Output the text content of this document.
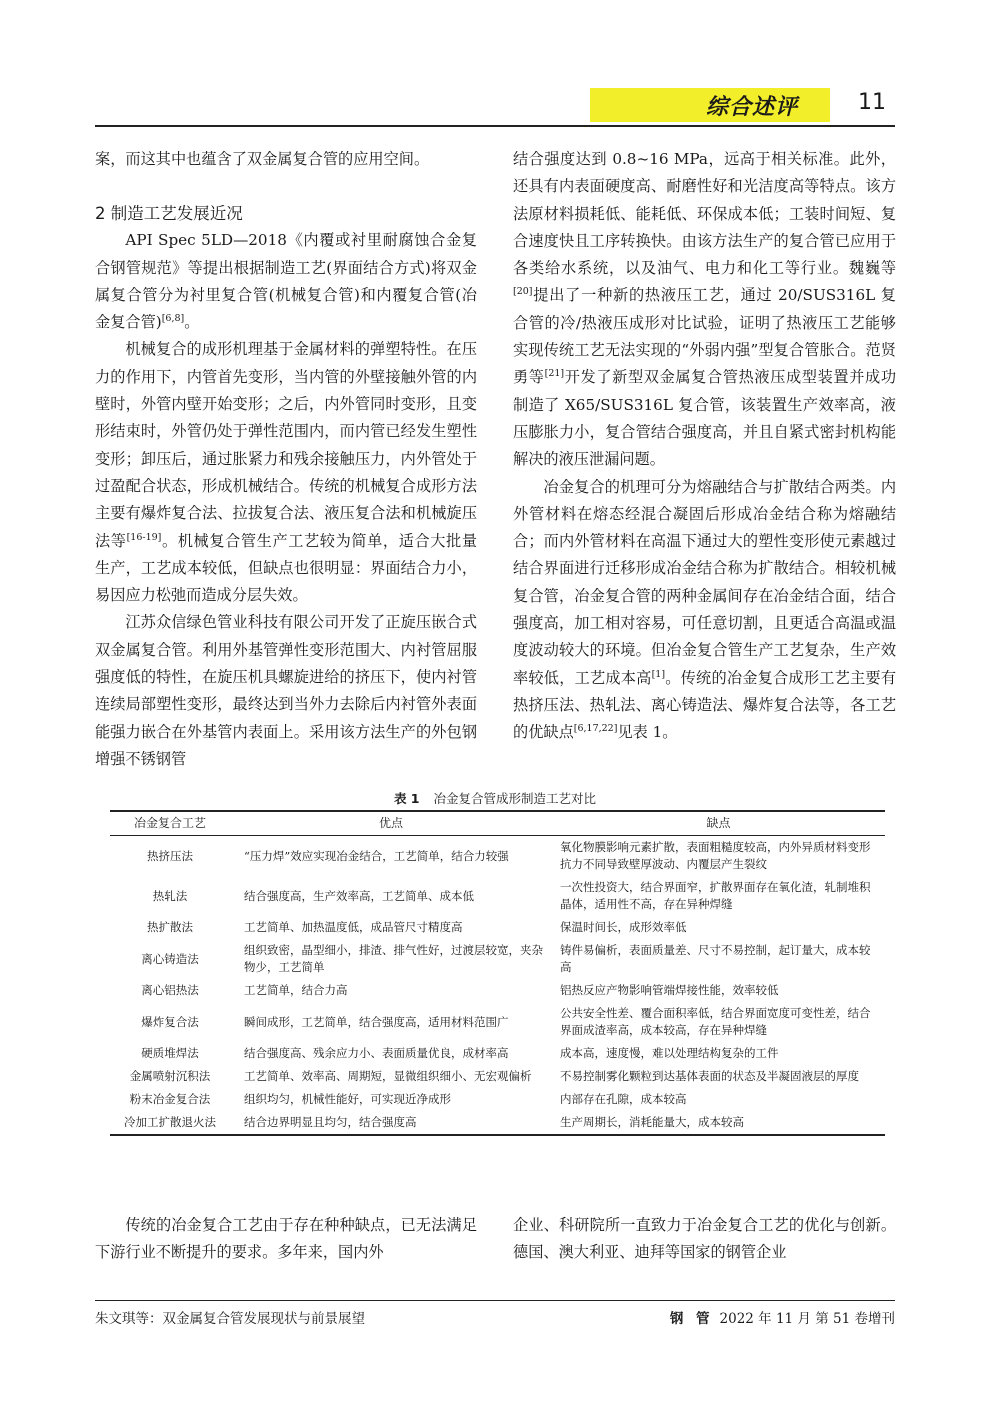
综合述评	11

案，而这其中也蕴含了双金属复合管的应用空间。

2 制造工艺发展近况

API Spec 5LD—2018《内覆或衬里耐腐蚀合金复合钢管规范》等提出根据制造工艺(界面结合方式)将双金属复合管分为衬里复合管(机械复合管)和内覆复合管(冶金复合管)[6,8]。

机械复合的成形机理基于金属材料的弹塑特性。在压力的作用下，内管首先变形，当内管的外壁接触外管的内壁时，外管内壁开始变形；之后，内外管同时变形，且变形结束时，外管仍处于弹性范围内，而内管已经发生塑性变形；卸压后，通过胀紧力和残余接触压力，内外管处于过盈配合状态，形成机械结合。传统的机械复合成形方法主要有爆炸复合法、拉拔复合法、液压复合法和机械旋压法等[16-19]。机械复合管生产工艺较为简单，适合大批量生产，工艺成本较低，但缺点也很明显：界面结合力小，易因应力松弛而造成分层失效。

江苏众信绿色管业科技有限公司开发了正旋压嵌合式双金属复合管。利用外基管弹性变形范围大、内衬管屈服强度低的特性，在旋压机具螺旋进给的挤压下，使内衬管连续局部塑性变形，最终达到当外力去除后内衬管外表面能强力嵌合在外基管内表面上。采用该方法生产的外包钢增强不锈钢管

结合强度达到 0.8~16 MPa，远高于相关标准。此外，还具有内表面硬度高、耐磨性好和光洁度高等特点。该方法原材料损耗低、能耗低、环保成本低；工装时间短、复合速度快且工序转换快。由该方法生产的复合管已应用于各类给水系统，以及油气、电力和化工等行业。魏巍等[20]提出了一种新的热液压工艺，通过 20/SUS316L 复合管的冷/热液压成形对比试验，证明了热液压工艺能够实现传统工艺无法实现的“外弱内强”型复合管胀合。范贤勇等[21]开发了新型双金属复合管热液压成型装置并成功制造了 X65/SUS316L 复合管，该装置生产效率高，液压膨胀力小，复合管结合强度高，并且自紧式密封机构能解决的液压泄漏问题。

冶金复合的机理可分为熔融结合与扩散结合两类。内外管材料在熔态经混合凝固后形成冶金结合称为熔融结合；而内外管材料在高温下通过大的塑性变形使元素越过结合界面进行迁移形成冶金结合称为扩散结合。相较机械复合管，冶金复合管的两种金属间存在冶金结合面，结合强度高，加工相对容易，可任意切割，且更适合高温或温度波动较大的环境。但冶金复合管生产工艺复杂，生产效率较低，工艺成本高[1]。传统的冶金复合成形工艺主要有热挤压法、热轧法、离心铸造法、爆炸复合法等，各工艺的优缺点[6,17,22]见表 1。

表 1 冶金复合管成形制造工艺对比
冶金复合工艺	优点	缺点
热挤压法	“压力焊”效应实现冶金结合，工艺简单，结合力较强	氧化物膜影响元素扩散，表面粗糙度较高，内外异质材料变形抗力不同导致壁厚波动、内覆层产生裂纹
热轧法	结合强度高，生产效率高，工艺简单、成本低	一次性投资大，结合界面窄，扩散界面存在氧化渣，轧制堆积晶体，适用性不高，存在异种焊缝
热扩散法	工艺简单、加热温度低，成品管尺寸精度高	保温时间长，成形效率低
离心铸造法	组织致密，晶型细小，排渣、排气性好，过渡层较宽，夹杂物少，工艺简单	铸件易偏析，表面质量差、尺寸不易控制，起订量大，成本较高
离心铝热法	工艺简单，结合力高	铝热反应产物影响管端焊接性能，效率较低
爆炸复合法	瞬间成形，工艺简单，结合强度高，适用材料范围广	公共安全性差、覆合面积率低，结合界面宽度可变性差，结合界面成渣率高，成本较高，存在异种焊缝
硬质堆焊法	结合强度高、残余应力小、表面质量优良，成材率高	成本高，速度慢，难以处理结构复杂的工件
金属喷射沉积法	工艺简单、效率高、周期短，显微组织细小、无宏观偏析	不易控制雾化颗粒到达基体表面的状态及半凝固液层的厚度
粉末冶金复合法	组织均匀，机械性能好，可实现近净成形	内部存在孔隙，成本较高
冷加工扩散退火法	结合边界明显且均匀，结合强度高	生产周期长，消耗能量大，成本较高
传统的冶金复合工艺由于存在种种缺点，已无法满足下游行业不断提升的要求。多年来，国内外
企业、科研院所一直致力于冶金复合工艺的优化与创新。德国、澳大利亚、迪拜等国家的钢管企业
朱文琪等：双金属复合管发展现状与前景展望	钢 管 2022 年 11 月 第 51 卷增刊
